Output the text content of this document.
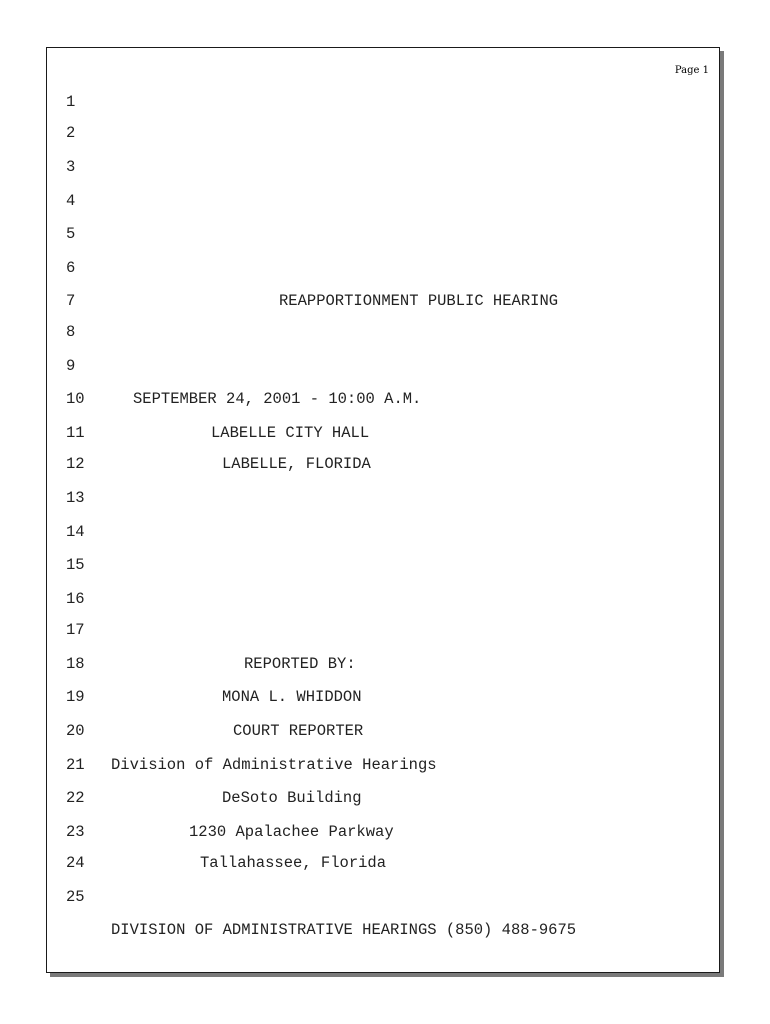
Page 1
1
2
3
4
5
6
7	REAPPORTIONMENT PUBLIC HEARING
8
9
10	SEPTEMBER 24, 2001 - 10:00 A.M.
11	LABELLE CITY HALL
12	LABELLE, FLORIDA
13
14
15
16
17
18	REPORTED BY:
19	MONA L. WHIDDON
20	COURT REPORTER
21 Division of Administrative Hearings
22	DeSoto Building
23	1230 Apalachee Parkway
24	Tallahassee, Florida
25
DIVISION OF ADMINISTRATIVE HEARINGS (850) 488-9675
